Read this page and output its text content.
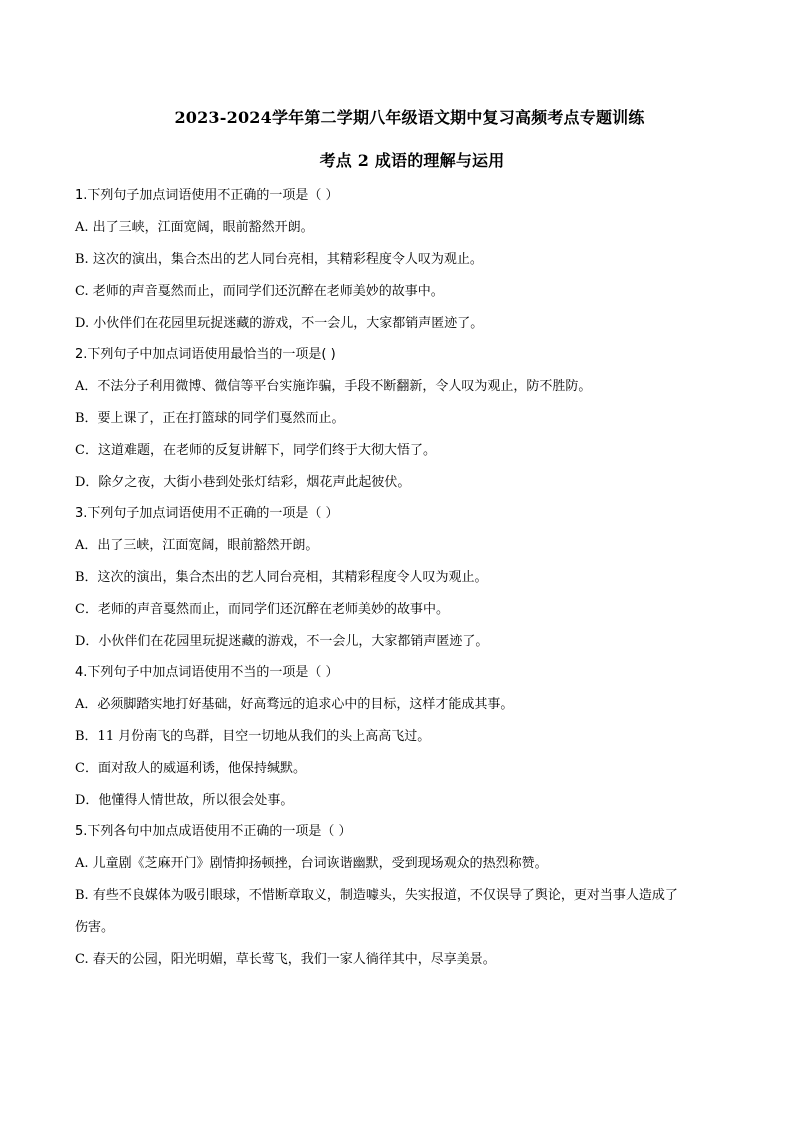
2023-2024学年第二学期八年级语文期中复习高频考点专题训练
考点 2 成语的理解与运用
1.下列句子加点词语使用不正确的一项是（ ）
A. 出了三峡，江面宽阔，眼前豁然开朗。
B. 这次的演出，集合杰出的艺人同台亮相，其精彩程度令人叹为观止。
C. 老师的声音戛然而止，而同学们还沉醉在老师美妙的故事中。
D. 小伙伴们在花园里玩捉迷藏的游戏，不一会儿，大家都销声匿迹了。
2.下列句子中加点词语使用最恰当的一项是( )
A．不法分子利用微博、微信等平台实施诈骗，手段不断翻新，令人叹为观止，防不胜防。
B．要上课了，正在打篮球的同学们戛然而止。
C．这道难题，在老师的反复讲解下，同学们终于大彻大悟了。
D．除夕之夜，大街小巷到处张灯结彩，烟花声此起彼伏。
3.下列句子加点词语使用不正确的一项是（ ）
A．出了三峡，江面宽阔，眼前豁然开朗。
B．这次的演出，集合杰出的艺人同台亮相，其精彩程度令人叹为观止。
C．老师的声音戛然而止，而同学们还沉醉在老师美妙的故事中。
D．小伙伴们在花园里玩捉迷藏的游戏，不一会儿，大家都销声匿迹了。
4.下列句子中加点词语使用不当的一项是（ ）
A．必须脚踏实地打好基础，好高骛远的追求心中的目标，这样才能成其事。
B．11 月份南飞的鸟群，目空一切地从我们的头上高高飞过。
C．面对敌人的威逼利诱，他保持缄默。
D．他懂得人情世故，所以很会处事。
5.下列各句中加点成语使用不正确的一项是（ ）
A. 儿童剧《芝麻开门》剧情抑扬顿挫，台词诙谐幽默，受到现场观众的热烈称赞。
B. 有些不良媒体为吸引眼球，不惜断章取义，制造噱头，失实报道，不仅误导了舆论，更对当事人造成了
伤害。
C. 春天的公园，阳光明媚，草长莺飞，我们一家人徜徉其中，尽享美景。
